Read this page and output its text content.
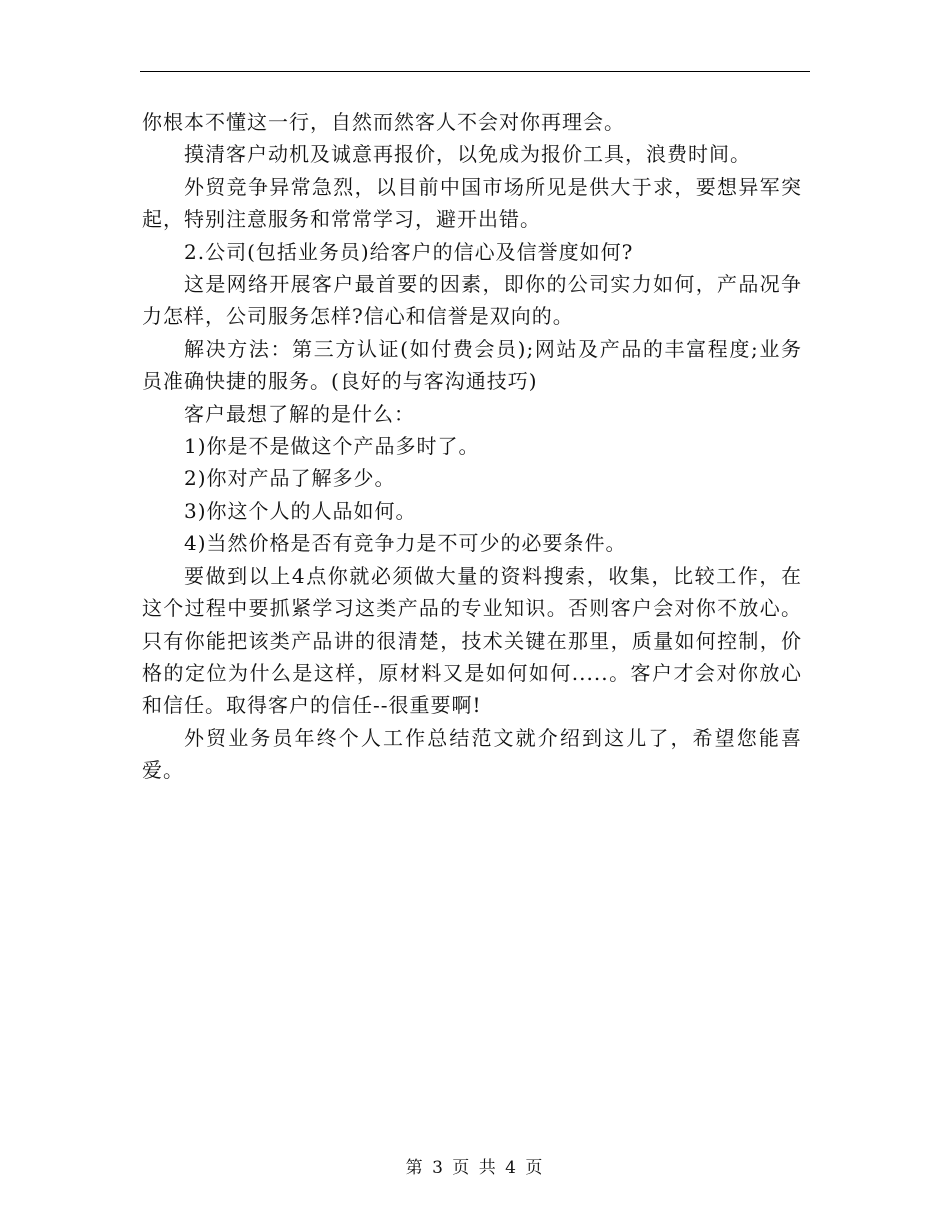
你根本不懂这一行，自然而然客人不会对你再理会。

摸清客户动机及诚意再报价，以免成为报价工具，浪费时间。

外贸竞争异常急烈，以目前中国市场所见是供大于求，要想异军突起，特别注意服务和常常学习，避开出错。

2.公司(包括业务员)给客户的信心及信誉度如何?

这是网络开展客户最首要的因素，即你的公司实力如何，产品况争力怎样，公司服务怎样?信心和信誉是双向的。

解决方法：第三方认证(如付费会员);网站及产品的丰富程度;业务员准确快捷的服务。(良好的与客沟通技巧)

客户最想了解的是什么：

1)你是不是做这个产品多时了。

2)你对产品了解多少。

3)你这个人的人品如何。

4)当然价格是否有竞争力是不可少的必要条件。

要做到以上4点你就必须做大量的资料搜索，收集，比较工作，在这个过程中要抓紧学习这类产品的专业知识。否则客户会对你不放心。只有你能把该类产品讲的很清楚，技术关键在那里，质量如何控制，价格的定位为什么是这样，原材料又是如何如何.....。客户才会对你放心和信任。取得客户的信任--很重要啊!

外贸业务员年终个人工作总结范文就介绍到这儿了，希望您能喜爱。

第 3 页 共 4 页
